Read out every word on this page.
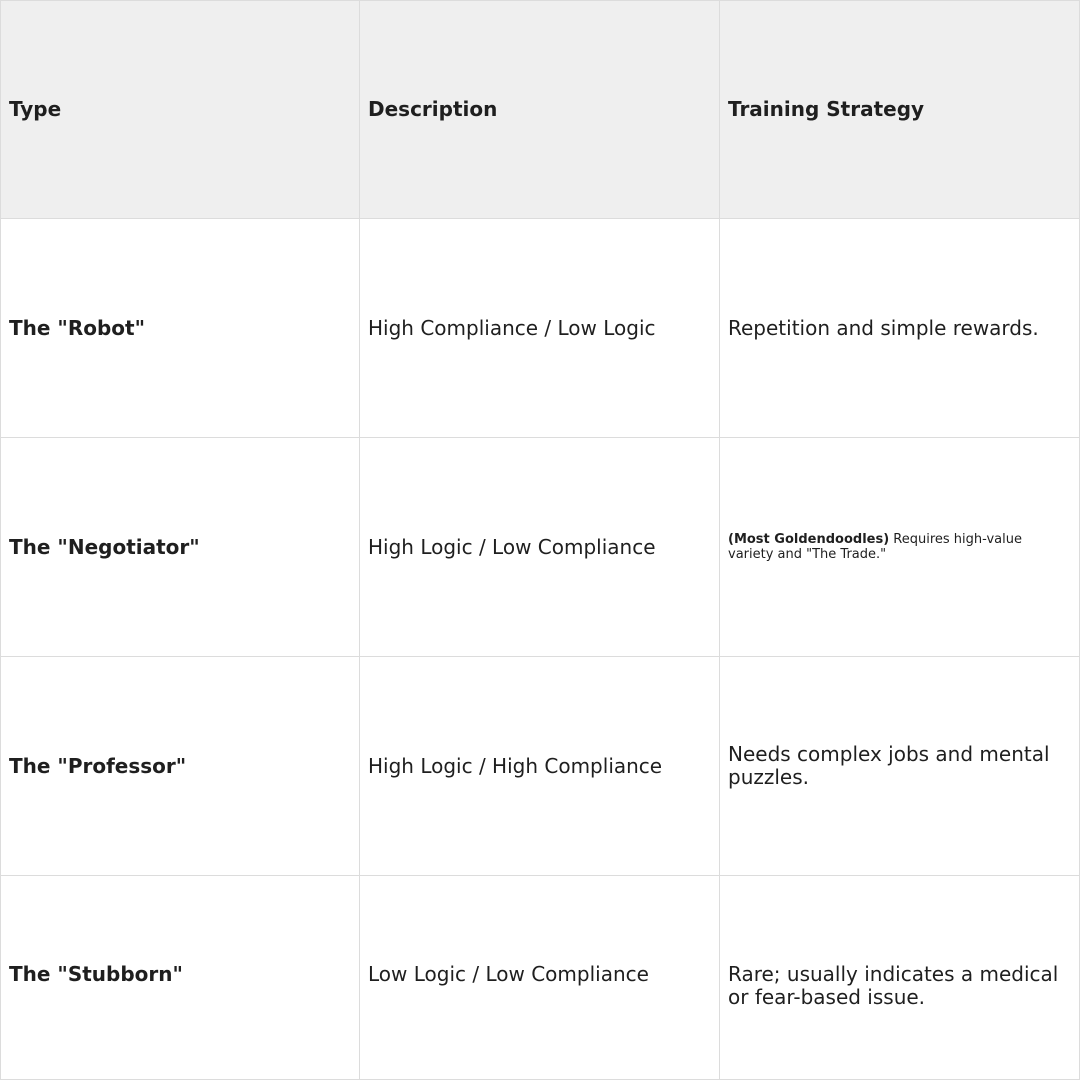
Type	Description	Training Strategy
The "Robot"	High Compliance / Low Logic	Repetition and simple rewards.
The "Negotiator"	High Logic / Low Compliance	(Most Goldendoodles) Requires high-value variety and "The Trade."
The "Professor"	High Logic / High Compliance	Needs complex jobs and mental puzzles.
The "Stubborn"	Low Logic / Low Compliance	Rare; usually indicates a medical or fear-based issue.
